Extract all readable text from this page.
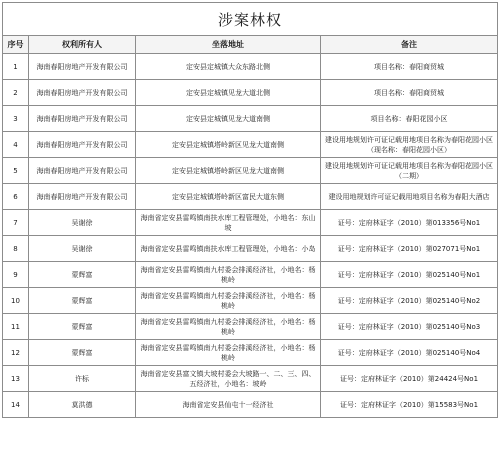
涉案林权			
序号	权利所有人	坐落地址	备注
1	海南春阳房地产开发有限公司	定安县定城镇大众东路北侧	项目名称：春阳商贸城
2	海南春阳房地产开发有限公司	定安县定城镇见龙大道北侧	项目名称：春阳商贸城
3	海南春阳房地产开发有限公司	定安县定城镇见龙大道南侧	项目名称：春阳花园小区
4	海南春阳房地产开发有限公司	定安县定城镇塔岭新区见龙大道南侧	建设用地规划许可证记载用地项目名称为春阳花园小区（现名称：春阳花园小区）
5	海南春阳房地产开发有限公司	定安县定城镇塔岭新区见龙大道南侧	建设用地规划许可证记载用地项目名称为春阳花园小区（二期）
6	海南春阳房地产开发有限公司	定安县定城镇塔岭新区富民大道东侧	建设用地规划许可证记载用地项目名称为春阳大酒店
7	吴谢徐	海南省定安县雷鸣镇南扶水库工程管理处，小地名：东山坡	证号：定府林证字（2010）第013356号No1
8	吴谢徐	海南省定安县雷鸣镇南扶水库工程管理处，小地名：小岛	证号：定府林证字（2010）第027071号No1
9	蒙辉富	海南省定安县雷鸣镇南九村委会排溪经济社，小地名：杨桃岭	证号：定府林证字（2010）第025140号No1
10	蒙辉富	海南省定安县雷鸣镇南九村委会排溪经济社，小地名：杨桃岭	证号：定府林证字（2010）第025140号No2
11	蒙辉富	海南省定安县雷鸣镇南九村委会排溪经济社，小地名：杨桃岭	证号：定府林证字（2010）第025140号No3
12	蒙辉富	海南省定安县雷鸣镇南九村委会排溪经济社，小地名：杨桃岭	证号：定府林证字（2010）第025140号No4
13	许标	海南省定安县富文镇大坡村委会大坡路一、二、三、四、五经济社，小地名：坡岭	证号：定府林证字（2010）第24424号No1
14	莫洪德	海南省定安县仙屯十一经济社	证号：定府林证字（2010）第15583号No1
